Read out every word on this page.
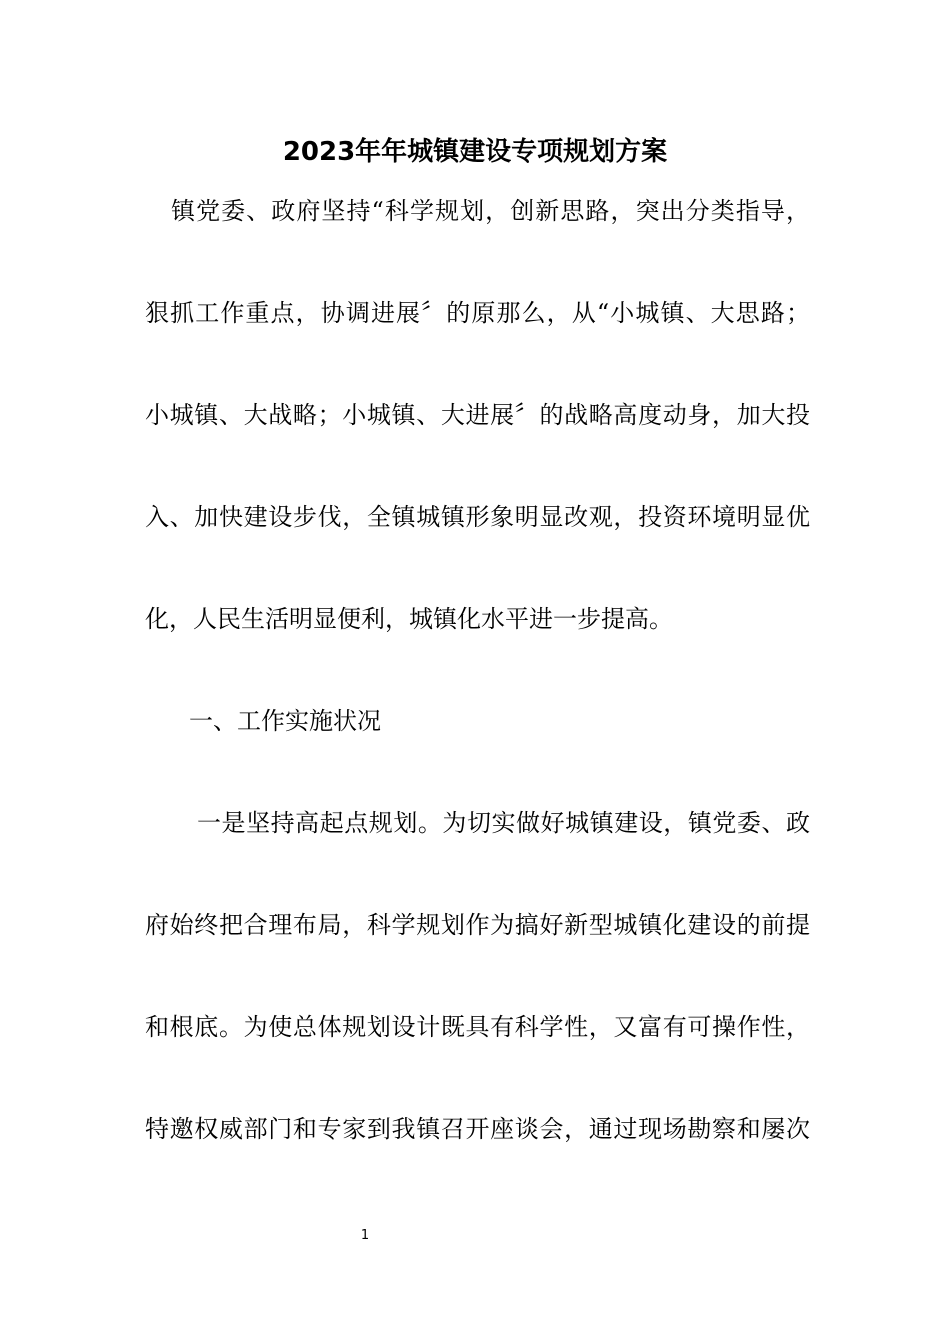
2023年年城镇建设专项规划方案

镇党委、政府坚持“科学规划，创新思路，突出分类指导，

狠抓工作重点，协调进展〞的原那么，从“小城镇、大思路；

小城镇、大战略；小城镇、大进展〞的战略高度动身，加大投

入、加快建设步伐，全镇城镇形象明显改观，投资环境明显优

化，人民生活明显便利，城镇化水平进一步提高。

一、工作实施状况

一是坚持高起点规划。为切实做好城镇建设，镇党委、政

府始终把合理布局，科学规划作为搞好新型城镇化建设的前提

和根底。为使总体规划设计既具有科学性，又富有可操作性，

特邀权威部门和专家到我镇召开座谈会，通过现场勘察和屡次

1
